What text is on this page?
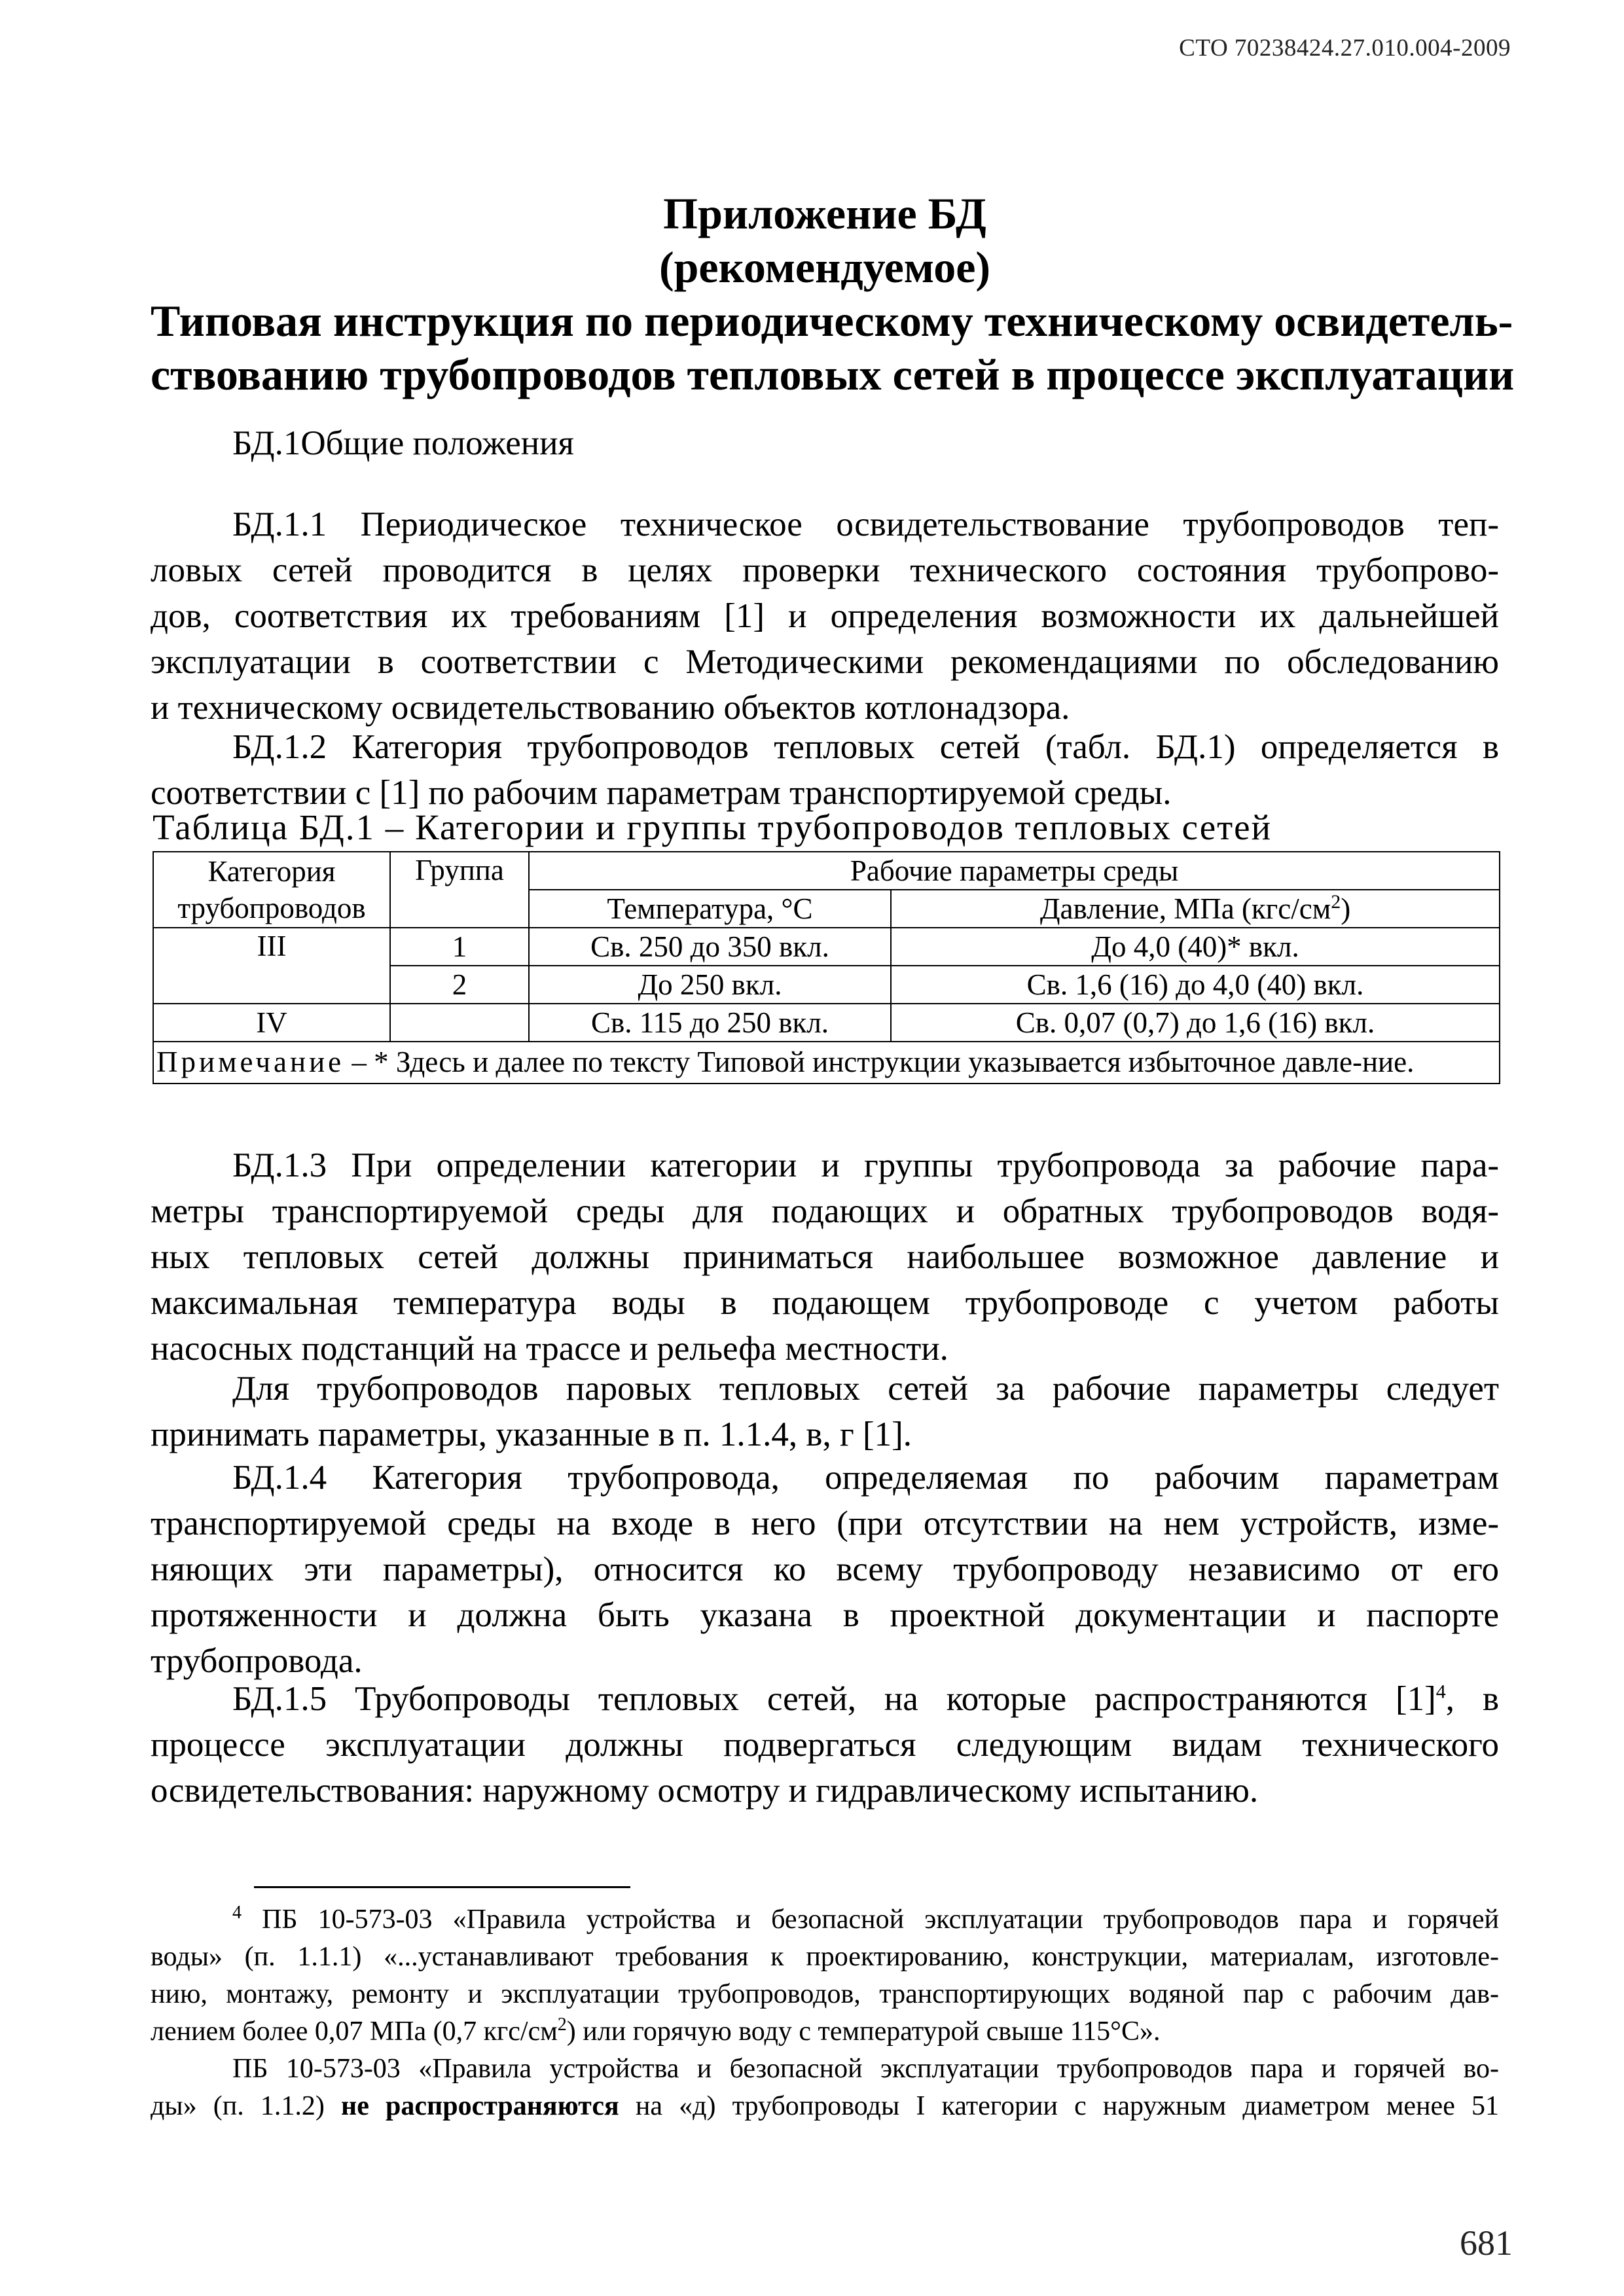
СТО 70238424.27.010.004-2009
Приложение БД
(рекомендуемое)
Типовая инструкция по периодическому техническому освидетель-
ствованию трубопроводов тепловых сетей в процессе эксплуатации
БД.1Общие положения
БД.1.1 Периодическое техническое освидетельствование трубопроводов теп-
ловых сетей проводится в целях проверки технического состояния трубопрово-
дов, соответствия их требованиям [1] и определения возможности их дальнейшей
эксплуатации в соответствии с Методическими рекомендациями по обследованию
и техническому освидетельствованию объектов котлонадзора.
БД.1.2 Категория трубопроводов тепловых сетей (табл. БД.1) определяется в
соответствии с [1] по рабочим параметрам транспортируемой среды.
Таблица БД.1 – Категории и группы трубопроводов тепловых сетей
Категория
трубопроводов	Группа	Рабочие параметры среды	
		Температура, °С	Давление, МПа $(кгс/см^2)$
III	1	Св. 250 до 350 вкл.	До 4,0 (40)* вкл.
	2	До 250 вкл.	Св. 1,6 (16) до 4,0 (40) вкл.
IV		Св. 115 до 250 вкл.	Св. 0,07 (0,7) до 1,6 (16) вкл.
Примечание – * Здесь и далее по тексту Типовой инструкции указывается избыточное давле-ние.			
БД.1.3 При определении категории и группы трубопровода за рабочие пара-
метры транспортируемой среды для подающих и обратных трубопроводов водя-
ных тепловых сетей должны приниматься наибольшее возможное давление и
максимальная температура воды в подающем трубопроводе с учетом работы
насосных подстанций на трассе и рельефа местности.
Для трубопроводов паровых тепловых сетей за рабочие параметры следует
принимать параметры, указанные в п. 1.1.4, в, г [1].
БД.1.4 Категория трубопровода, определяемая по рабочим параметрам
транспортируемой среды на входе в него (при отсутствии на нем устройств, изме-
няющих эти параметры), относится ко всему трубопроводу независимо от его
протяженности и должна быть указана в проектной документации и паспорте
трубопровода.
БД.1.5 Трубопроводы тепловых сетей, на которые распространяются $[1]^4$, в
процессе эксплуатации должны подвергаться следующим видам технического
освидетельствования: наружному осмотру и гидравлическому испытанию.
$^4$ ПБ 10-573-03 «Правила устройства и безопасной эксплуатации трубопроводов пара и горячей
воды» (п. 1.1.1) «...устанавливают требования к проектированию, конструкции, материалам, изготовле-
нию, монтажу, ремонту и эксплуатации трубопроводов, транспортирующих водяной пар с рабочим дав-
лением более 0,07 МПа (0,7 кгс/см$^2$) или горячую воду с температурой свыше 115°С».
ПБ 10-573-03 «Правила устройства и безопасной эксплуатации трубопроводов пара и горячей во-
ды» (п. 1.1.2) не распространяются на «д) трубопроводы I категории с наружным диаметром менее 51
681
